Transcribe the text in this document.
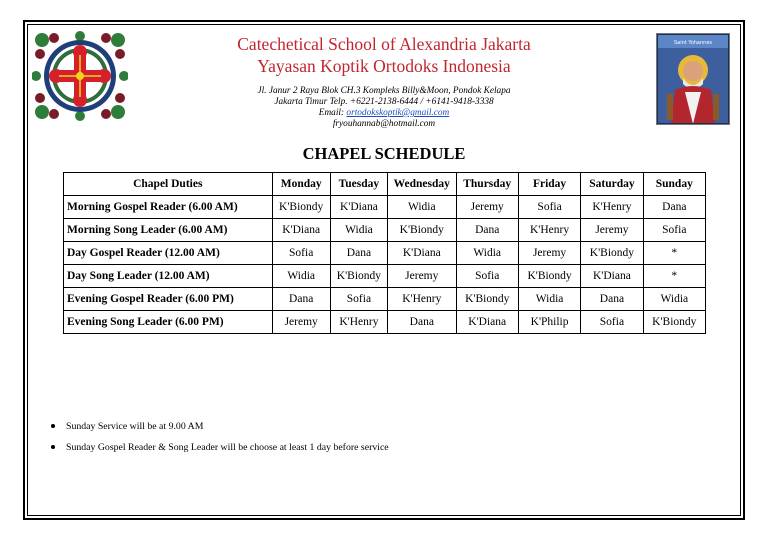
Catechetical School of Alexandria Jakarta
Yayasan Koptik Ortodoks Indonesia
Jl. Janur 2 Raya Blok CH.3 Kompleks Billy&Moon, Pondok Kelapa
Jakarta Timur Telp. +6221-2138-6444 / +6141-9418-3338
Email: ortodokskoptik@gmail.com
fryouhannab@hotmail.com
Saint Yohannes
CHAPEL SCHEDULE
Chapel Duties	Monday	Tuesday	Wednesday	Thursday	Friday	Saturday	Sunday
Morning Gospel Reader (6.00 AM)	K'Biondy	K'Diana	Widia	Jeremy	Sofia	K'Henry	Dana
Morning Song Leader (6.00 AM)	K'Diana	Widia	K'Biondy	Dana	K'Henry	Jeremy	Sofia
Day Gospel Reader (12.00 AM)	Sofia	Dana	K'Diana	Widia	Jeremy	K'Biondy	*
Day Song Leader (12.00 AM)	Widia	K'Biondy	Jeremy	Sofia	K'Biondy	K'Diana	*
Evening Gospel Reader (6.00 PM)	Dana	Sofia	K'Henry	K'Biondy	Widia	Dana	Widia
Evening Song Leader (6.00 PM)	Jeremy	K'Henry	Dana	K'Diana	K'Philip	Sofia	K'Biondy
Sunday Service will be at 9.00 AM
Sunday Gospel Reader & Song Leader will be choose at least 1 day before service
